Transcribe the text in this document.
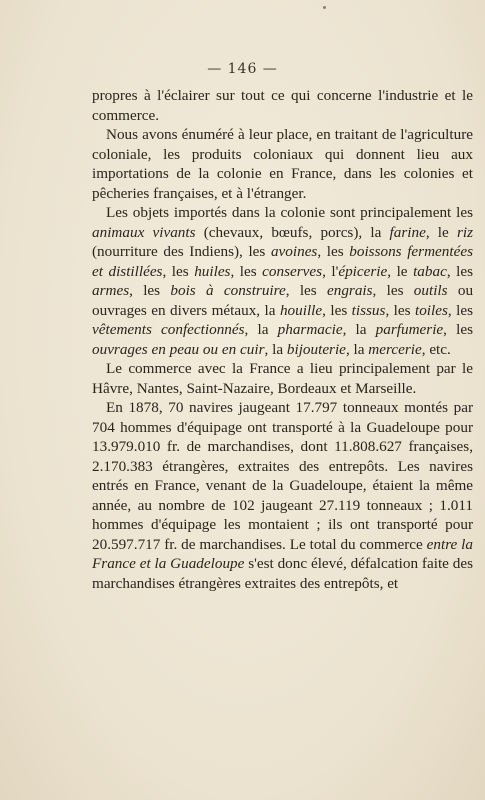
— 146 —

propres à l'éclairer sur tout ce qui concerne l'industrie et le commerce.

Nous avons énuméré à leur place, en traitant de l'agriculture coloniale, les produits coloniaux qui donnent lieu aux importations de la colonie en France, dans les colonies et pêcheries françaises, et à l'étranger.

Les objets importés dans la colonie sont principalement les animaux vivants (chevaux, bœufs, porcs), la farine, le riz (nourriture des Indiens), les avoines, les boissons fermentées et distillées, les huiles, les conserves, l'épicerie, le tabac, les armes, les bois à construire, les engrais, les outils ou ouvrages en divers métaux, la houille, les tissus, les toiles, les vêtements confectionnés, la pharmacie, la parfumerie, les ouvrages en peau ou en cuir, la bijouterie, la mercerie, etc.

Le commerce avec la France a lieu principalement par le Hâvre, Nantes, Saint-Nazaire, Bordeaux et Marseille.

En 1878, 70 navires jaugeant 17.797 tonneaux montés par 704 hommes d'équipage ont transporté à la Guadeloupe pour 13.979.010 fr. de marchandises, dont 11.808.627 françaises, 2.170.383 étrangères, extraites des entrepôts. Les navires entrés en France, venant de la Guadeloupe, étaient la même année, au nombre de 102 jaugeant 27.119 tonneaux ; 1.011 hommes d'équipage les montaient ; ils ont transporté pour 20.597.717 fr. de marchandises. Le total du commerce entre la France et la Guadeloupe s'est donc élevé, défalcation faite des marchandises étrangères extraites des entrepôts, et
